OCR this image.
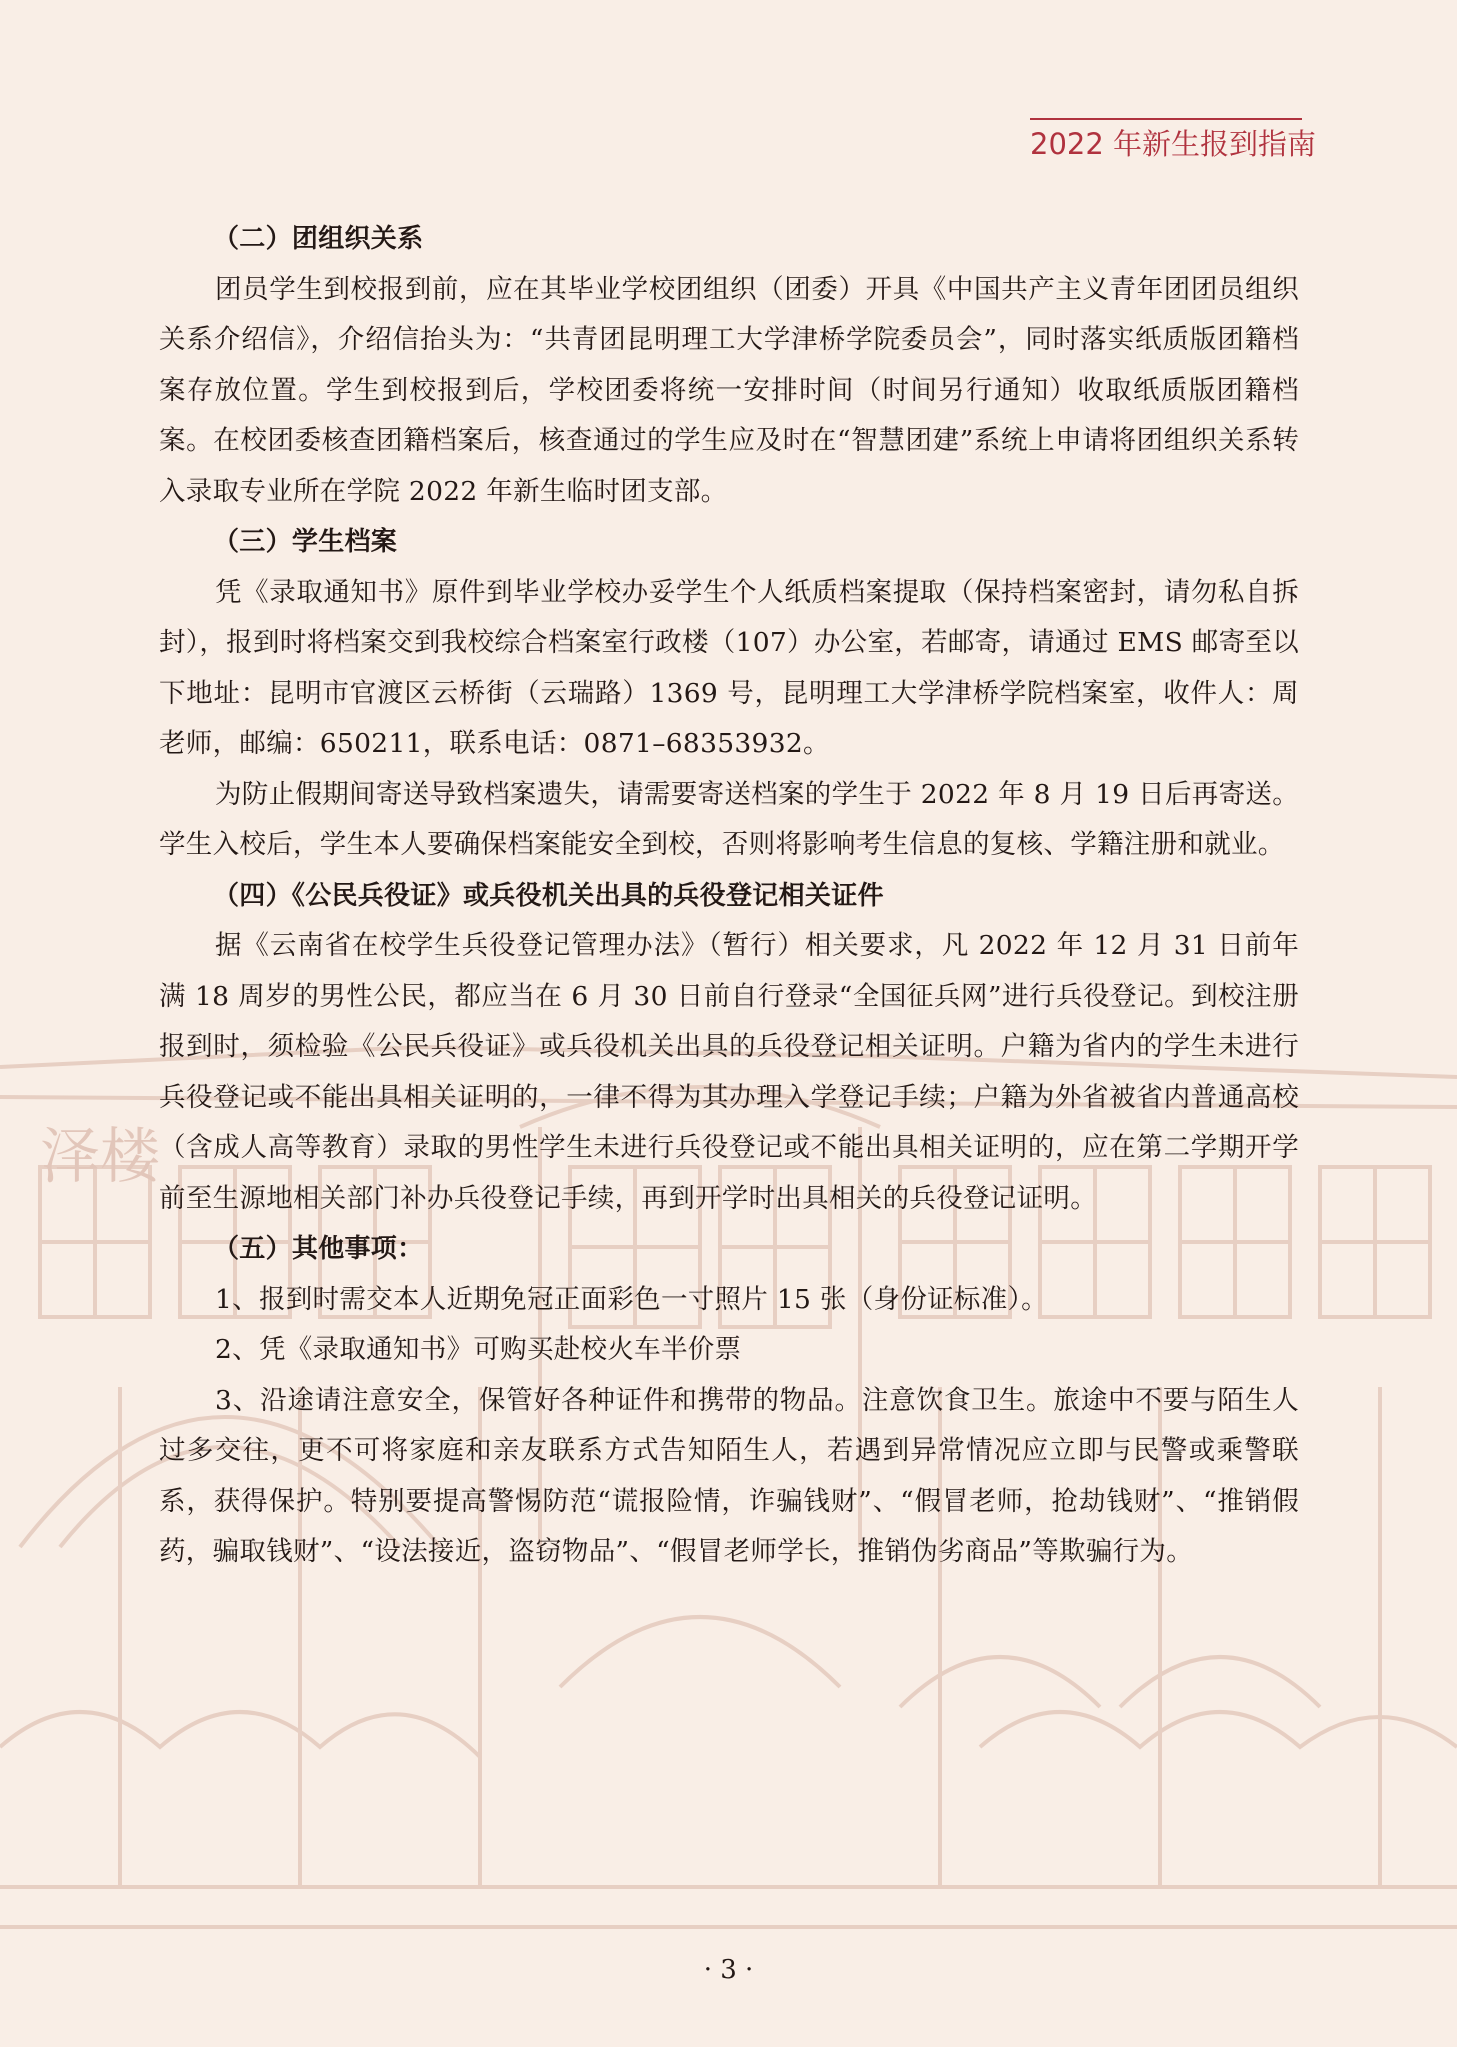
泽楼
2022 年新生报到指南

（二）团组织关系

团员学生到校报到前，应在其毕业学校团组织（团委）开具《中国共产主义青年团团员组织关系介绍信》，介绍信抬头为：“共青团昆明理工大学津桥学院委员会”，同时落实纸质版团籍档案存放位置。学生到校报到后，学校团委将统一安排时间（时间另行通知）收取纸质版团籍档案。在校团委核查团籍档案后，核查通过的学生应及时在“智慧团建”系统上申请将团组织关系转入录取专业所在学院 2022 年新生临时团支部。

（三）学生档案

凭《录取通知书》原件到毕业学校办妥学生个人纸质档案提取（保持档案密封，请勿私自拆封），报到时将档案交到我校综合档案室行政楼（107）办公室，若邮寄，请通过 EMS 邮寄至以下地址：昆明市官渡区云桥街（云瑞路）1369 号，昆明理工大学津桥学院档案室，收件人：周老师，邮编：650211，联系电话：0871–68353932。

为防止假期间寄送导致档案遗失，请需要寄送档案的学生于 2022 年 8 月 19 日后再寄送。学生入校后，学生本人要确保档案能安全到校，否则将影响考生信息的复核、学籍注册和就业。

（四）《公民兵役证》或兵役机关出具的兵役登记相关证件

据《云南省在校学生兵役登记管理办法》（暂行）相关要求，凡 2022 年 12 月 31 日前年满 18 周岁的男性公民，都应当在 6 月 30 日前自行登录“全国征兵网”进行兵役登记。到校注册报到时，须检验《公民兵役证》或兵役机关出具的兵役登记相关证明。户籍为省内的学生未进行兵役登记或不能出具相关证明的，一律不得为其办理入学登记手续；户籍为外省被省内普通高校（含成人高等教育）录取的男性学生未进行兵役登记或不能出具相关证明的，应在第二学期开学前至生源地相关部门补办兵役登记手续，再到开学时出具相关的兵役登记证明。

（五）其他事项：

1、报到时需交本人近期免冠正面彩色一寸照片 15 张（身份证标准）。

2、凭《录取通知书》可购买赴校火车半价票

3、沿途请注意安全，保管好各种证件和携带的物品。注意饮食卫生。旅途中不要与陌生人过多交往，更不可将家庭和亲友联系方式告知陌生人，若遇到异常情况应立即与民警或乘警联系，获得保护。特别要提高警惕防范“谎报险情，诈骗钱财”、“假冒老师，抢劫钱财”、“推销假药，骗取钱财”、“设法接近，盗窃物品”、“假冒老师学长，推销伪劣商品”等欺骗行为。

· 3 ·
